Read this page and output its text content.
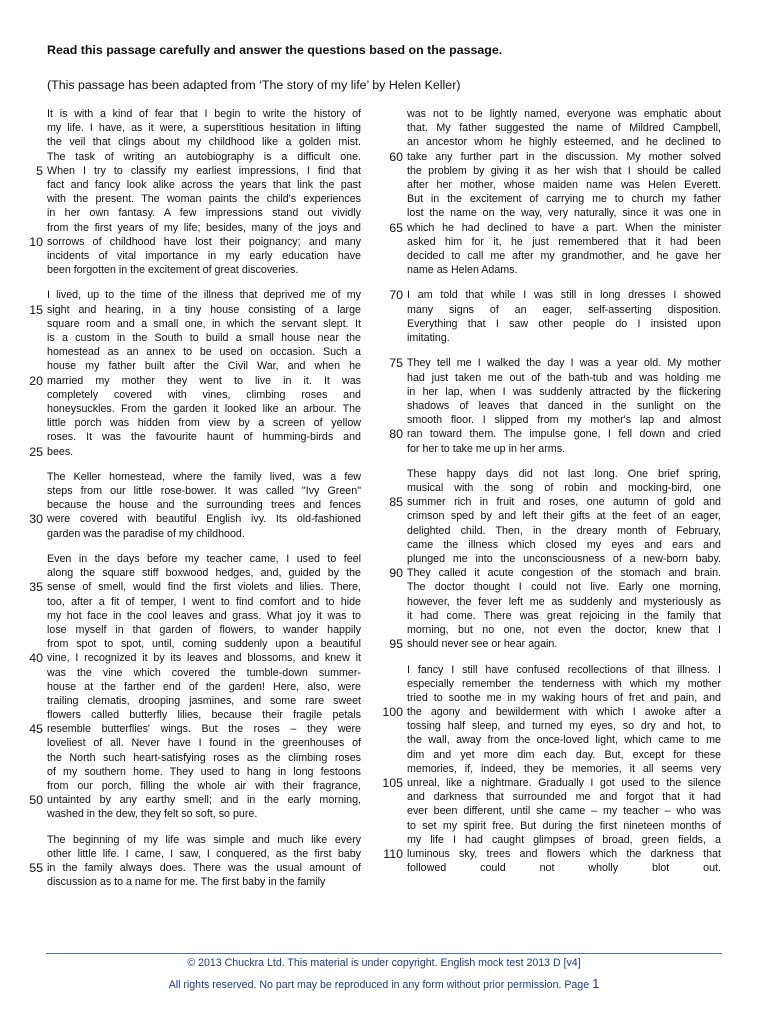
Read this passage carefully and answer the questions based on the passage.
(This passage has been adapted from ‘The story of my life’ by Helen Keller)
It is with a kind of fear that I begin to write the history of
my life. I have, as it were, a superstitious hesitation in lifting
the veil that clings about my childhood like a golden mist.
The task of writing an autobiography is a difficult one.
5 When I try to classify my earliest impressions, I find that
fact and fancy look alike across the years that link the past
with the present. The woman paints the child's experiences
in her own fantasy. A few impressions stand out vividly
from the first years of my life; besides, many of the joys and
10 sorrows of childhood have lost their poignancy; and many
incidents of vital importance in my early education have
been forgotten in the excitement of great discoveries.
I lived, up to the time of the illness that deprived me of my
15 sight and hearing, in a tiny house consisting of a large
square room and a small one, in which the servant slept. It
is a custom in the South to build a small house near the
homestead as an annex to be used on occasion. Such a
house my father built after the Civil War, and when he
20 married my mother they went to live in it. It was
completely covered with vines, climbing roses and
honeysuckles. From the garden it looked like an arbour. The
little porch was hidden from view by a screen of yellow
roses. It was the favourite haunt of humming-birds and
25 bees.
The Keller homestead, where the family lived, was a few
steps from our little rose-bower. It was called "Ivy Green"
because the house and the surrounding trees and fences
30 were covered with beautiful English ivy. Its old-fashioned
garden was the paradise of my childhood.
Even in the days before my teacher came, I used to feel
along the square stiff boxwood hedges, and, guided by the
35 sense of smell, would find the first violets and lilies. There,
too, after a fit of temper, I went to find comfort and to hide
my hot face in the cool leaves and grass. What joy it was to
lose myself in that garden of flowers, to wander happily
from spot to spot, until, coming suddenly upon a beautiful
40 vine, I recognized it by its leaves and blossoms, and knew it
was the vine which covered the tumble-down summer-
house at the farther end of the garden! Here, also, were
trailing clematis, drooping jasmines, and some rare sweet
flowers called butterfly lilies, because their fragile petals
45 resemble butterflies' wings. But the roses – they were
loveliest of all. Never have I found in the greenhouses of
the North such heart-satisfying roses as the climbing roses
of my southern home. They used to hang in long festoons
from our porch, filling the whole air with their fragrance,
50 untainted by any earthy smell; and in the early morning,
washed in the dew, they felt so soft, so pure.
The beginning of my life was simple and much like every
other little life. I came, I saw, I conquered, as the first baby
55 in the family always does. There was the usual amount of
discussion as to a name for me. The first baby in the family
was not to be lightly named, everyone was emphatic about
that. My father suggested the name of Mildred Campbell,
an ancestor whom he highly esteemed, and he declined to
60 take any further part in the discussion. My mother solved
the problem by giving it as her wish that I should be called
after her mother, whose maiden name was Helen Everett.
But in the excitement of carrying me to church my father
lost the name on the way, very naturally, since it was one in
65 which he had declined to have a part. When the minister
asked him for it, he just remembered that it had been
decided to call me after my grandmother, and he gave her
name as Helen Adams.
70 I am told that while I was still in long dresses I showed
many signs of an eager, self-asserting disposition.
Everything that I saw other people do I insisted upon
imitating.
75 They tell me I walked the day I was a year old. My mother
had just taken me out of the bath-tub and was holding me
in her lap, when I was suddenly attracted by the flickering
shadows of leaves that danced in the sunlight on the
smooth floor. I slipped from my mother's lap and almost
80 ran toward them. The impulse gone, I fell down and cried
for her to take me up in her arms.
These happy days did not last long. One brief spring,
musical with the song of robin and mocking-bird, one
85 summer rich in fruit and roses, one autumn of gold and
crimson sped by and left their gifts at the feet of an eager,
delighted child. Then, in the dreary month of February,
came the illness which closed my eyes and ears and
plunged me into the unconsciousness of a new-born baby.
90 They called it acute congestion of the stomach and brain.
The doctor thought I could not live. Early one morning,
however, the fever left me as suddenly and mysteriously as
it had come. There was great rejoicing in the family that
morning, but no one, not even the doctor, knew that I
95 should never see or hear again.
I fancy I still have confused recollections of that illness. I
especially remember the tenderness with which my mother
tried to soothe me in my waking hours of fret and pain, and
100 the agony and bewilderment with which I awoke after a
tossing half sleep, and turned my eyes, so dry and hot, to
the wall, away from the once-loved light, which came to me
dim and yet more dim each day. But, except for these
memories, if, indeed, they be memories, it all seems very
105 unreal, like a nightmare. Gradually I got used to the silence
and darkness that surrounded me and forgot that it had
ever been different, until she came – my teacher – who was
to set my spirit free. But during the first nineteen months of
my life I had caught glimpses of broad, green fields, a
110 luminous sky, trees and flowers which the darkness that
followed could not wholly blot out.
© 2013 Chuckra Ltd. This material is under copyright. English mock test 2013 D [v4]
All rights reserved. No part may be reproduced in any form without prior permission. Page 1
